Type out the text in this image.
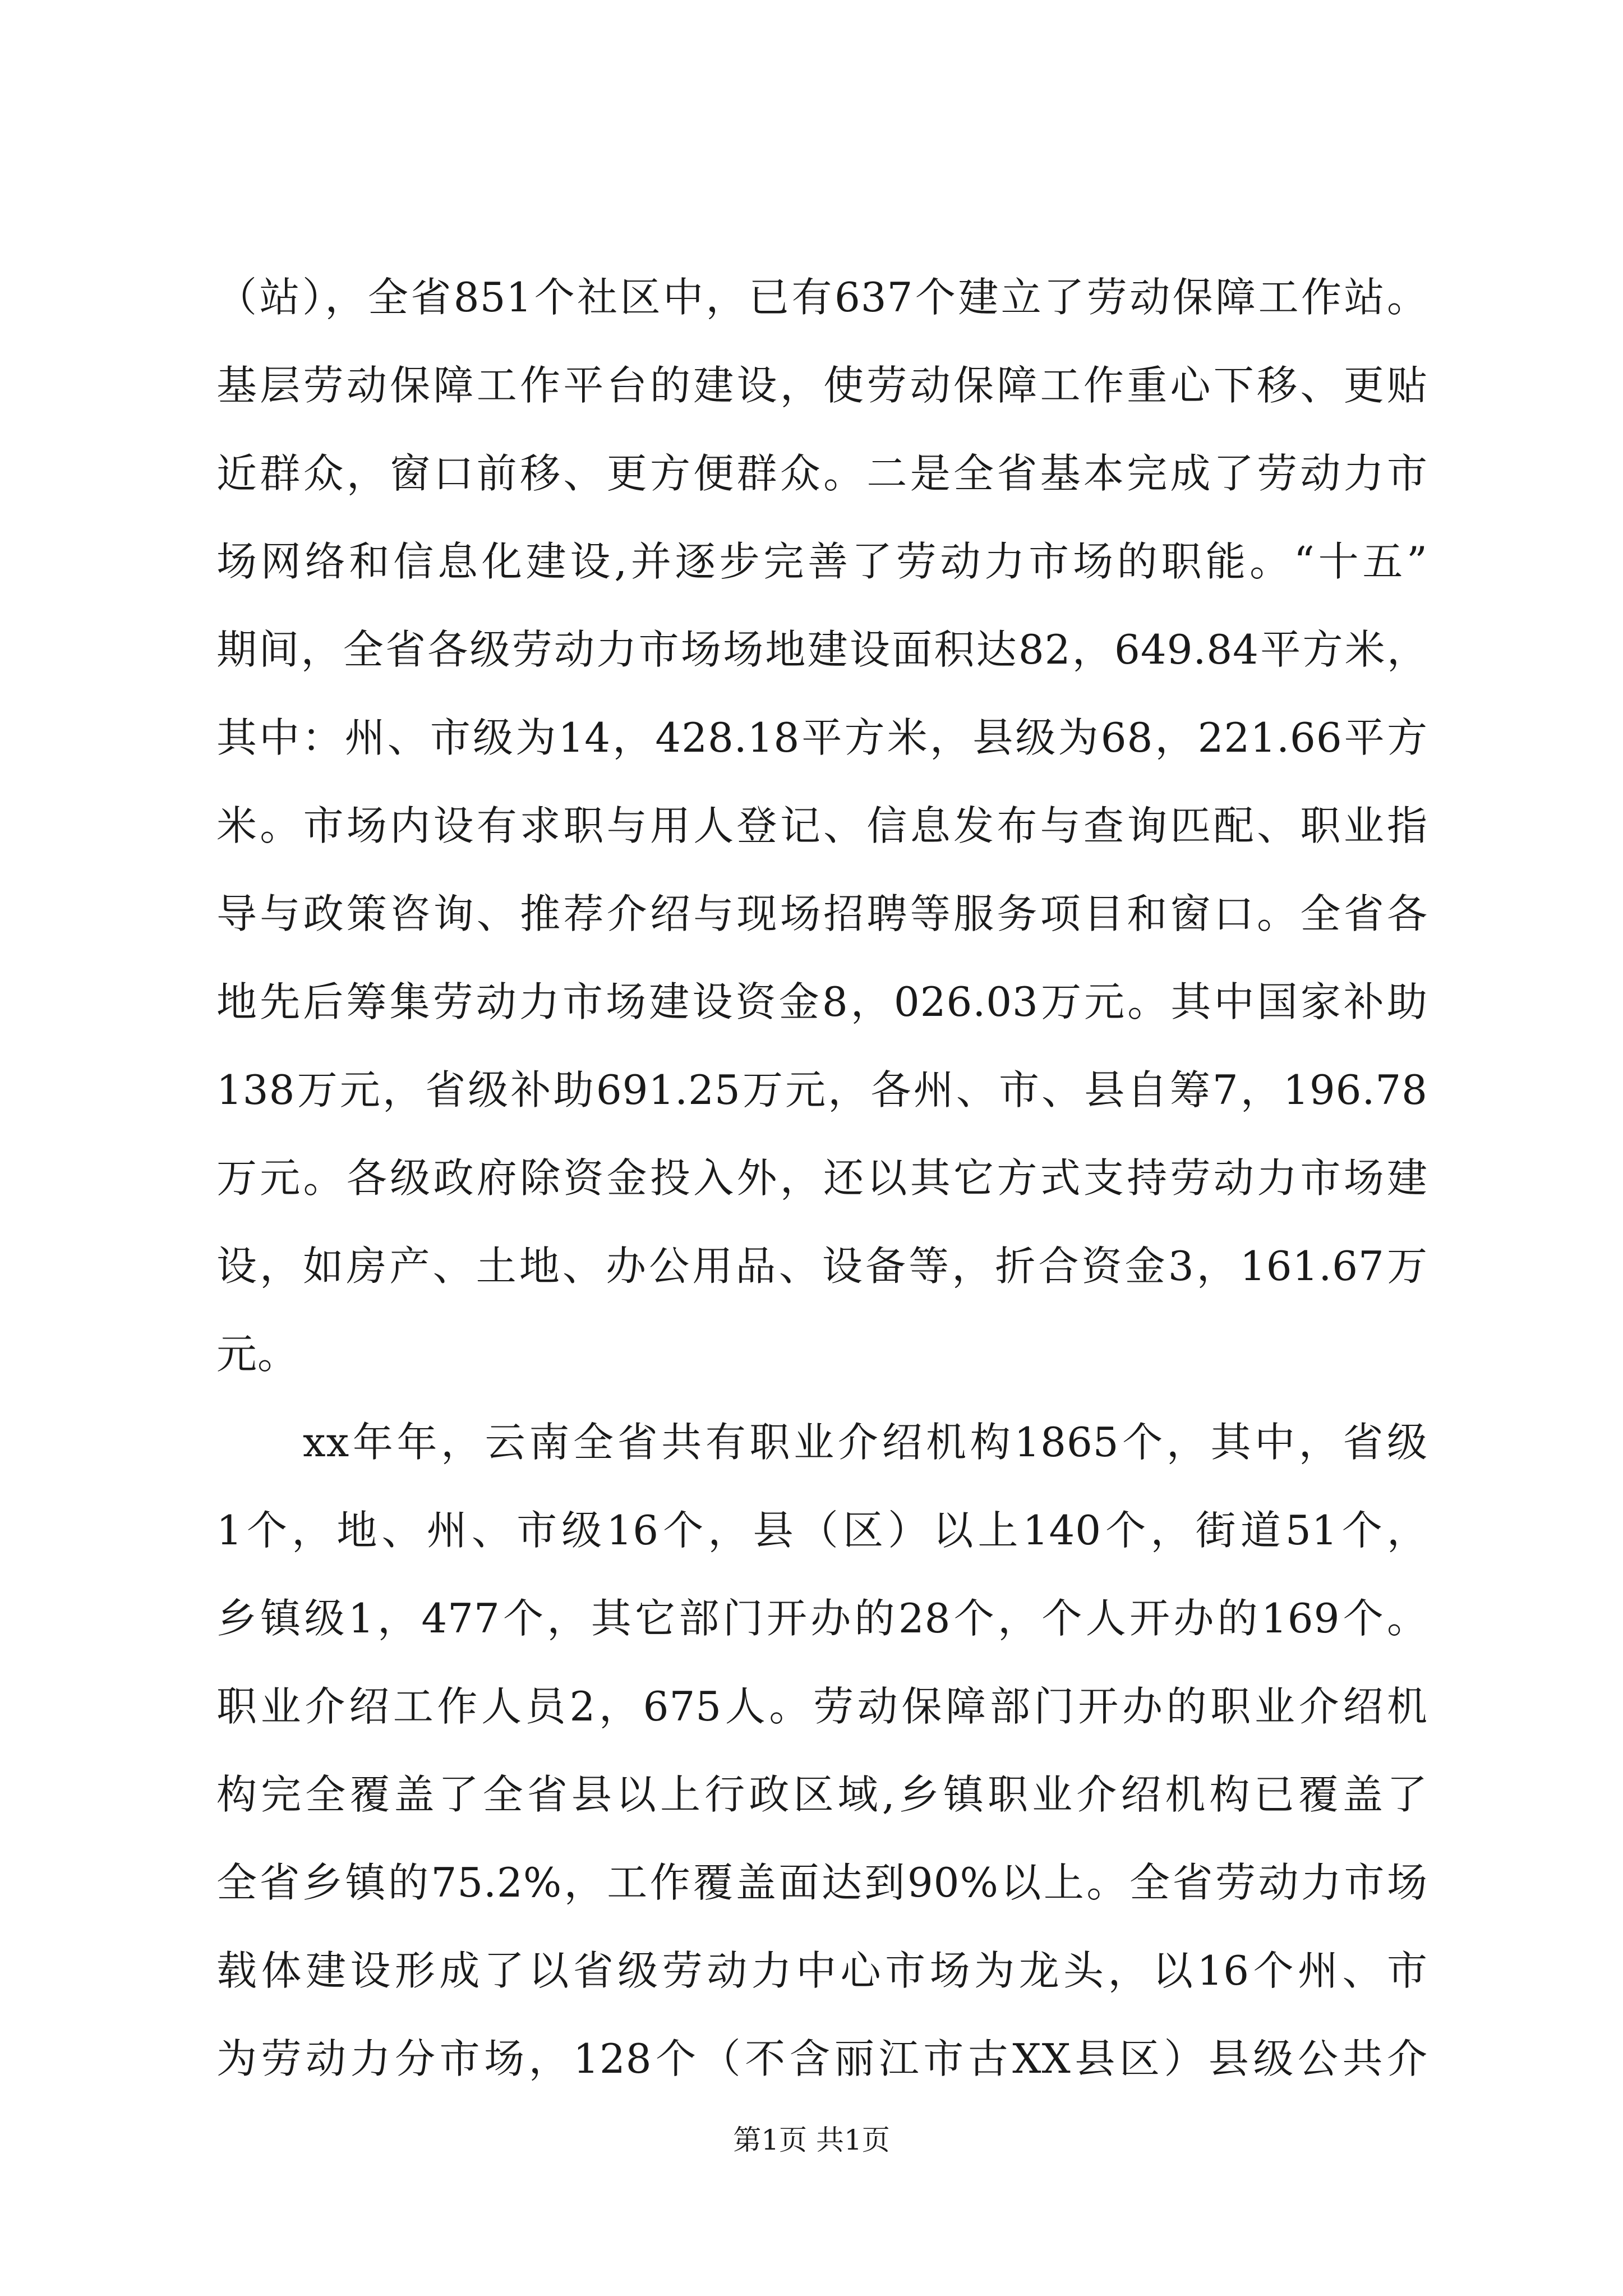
（站），全省851个社区中，已有637个建立了劳动保障工作站。
基层劳动保障工作平台的建设，使劳动保障工作重心下移、更贴
近群众，窗口前移、更方便群众。二是全省基本完成了劳动力市
场网络和信息化建设,并逐步完善了劳动力市场的职能。“十五”
期间，全省各级劳动力市场场地建设面积达82，649.84平方米，
其中：州、市级为14，428.18平方米，县级为68，221.66平方
米。市场内设有求职与用人登记、信息发布与查询匹配、职业指
导与政策咨询、推荐介绍与现场招聘等服务项目和窗口。全省各
地先后筹集劳动力市场建设资金8，026.03万元。其中国家补助
138万元，省级补助691.25万元，各州、市、县自筹7，196.78
万元。各级政府除资金投入外，还以其它方式支持劳动力市场建
设，如房产、土地、办公用品、设备等，折合资金3，161.67万
元。
xx年年，云南全省共有职业介绍机构1865个，其中，省级
1个，地、州、市级16个，县（区）以上140个，街道51个，
乡镇级1，477个，其它部门开办的28个，个人开办的169个。
职业介绍工作人员2，675人。劳动保障部门开办的职业介绍机
构完全覆盖了全省县以上行政区域,乡镇职业介绍机构已覆盖了
全省乡镇的75.2%，工作覆盖面达到90%以上。全省劳动力市场
载体建设形成了以省级劳动力中心市场为龙头，以16个州、市
为劳动力分市场，128个（不含丽江市古XX县区）县级公共介
第1页 共1页
